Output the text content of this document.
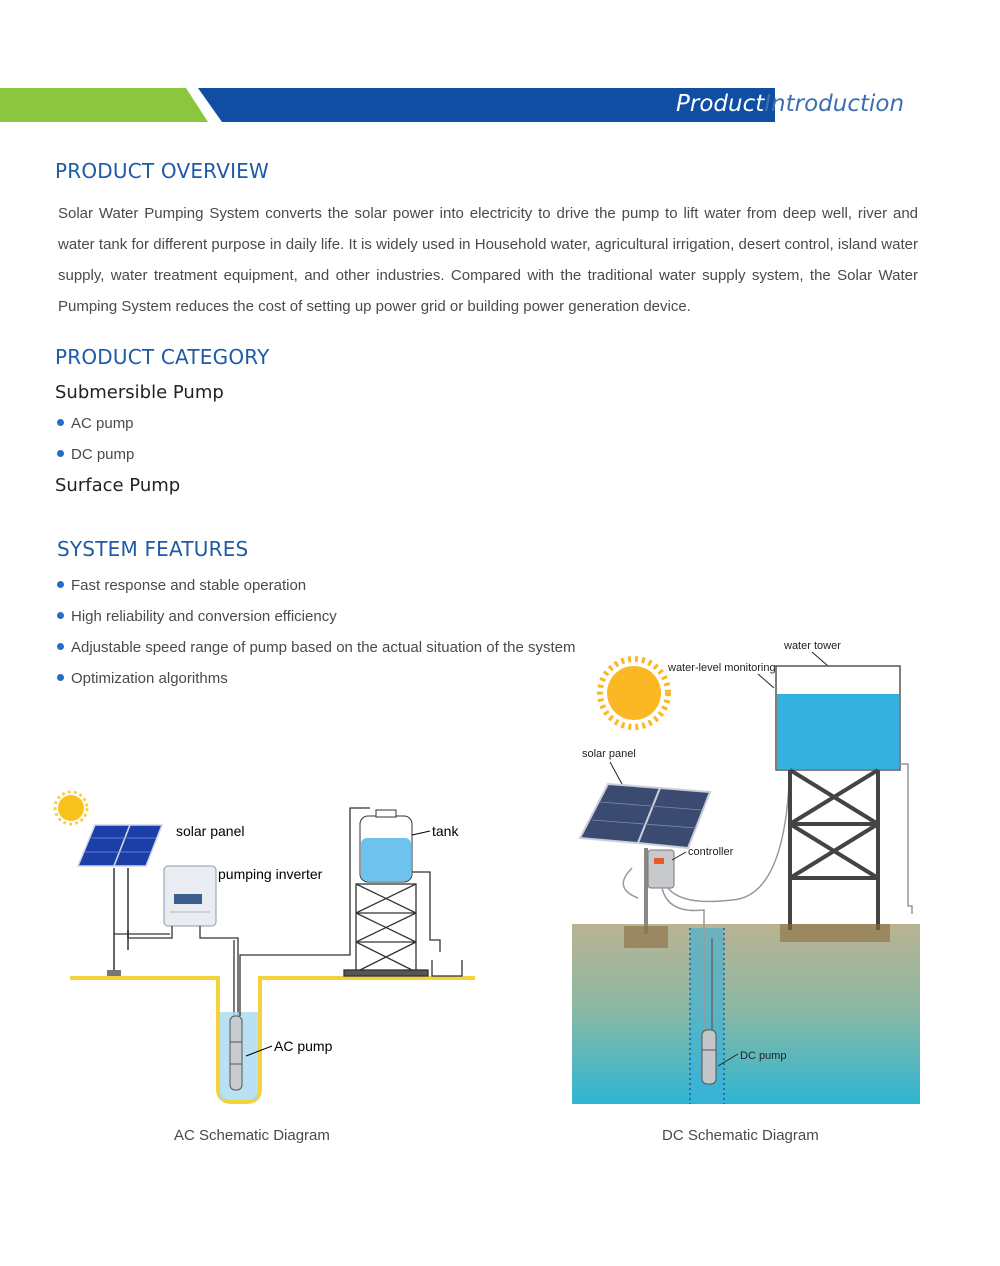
ProductIntroduction
PRODUCT OVERVIEW

Solar Water Pumping System converts the solar power into electricity to drive the pump to lift water from deep well, river and water tank for different purpose in daily life. It is widely used in Household water, agricultural irrigation, desert control, island water supply, water treatment equipment, and other industries. Compared with the traditional water supply system, the Solar Water Pumping System reduces the cost of setting up power grid or building power generation device.

PRODUCT CATEGORY
Submersible Pump
AC pump
DC pump
Surface Pump
SYSTEM FEATURES
Fast response and stable operation
High reliability and conversion efficiency
Adjustable speed range of pump based on the actual situation of the system
Optimization algorithms
solar panel
pumping inverter
AC pump
tank
AC Schematic Diagram
solar panel
controller
water tower
water-level monitoring
DC pump
DC Schematic Diagram
